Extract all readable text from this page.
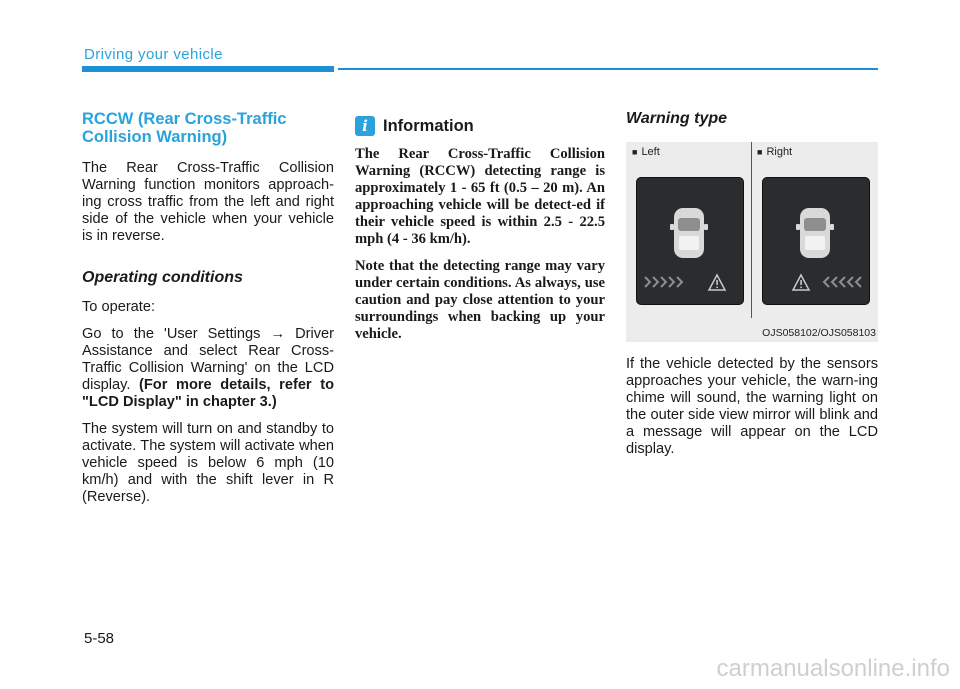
Driving your vehicle
RCCW (Rear Cross-Traffic Collision Warning)

The Rear Cross-Traffic Collision Warning function monitors approach-ing cross traffic from the left and right side of the vehicle when your vehicle is in reverse.

Operating conditions

To operate:

Go to the 'User Settings → Driver Assistance and select Rear Cross-Traffic Collision Warning' on the LCD display. (For more details, refer to "LCD Display" in chapter 3.)

The system will turn on and standby to activate. The system will activate when vehicle speed is below 6 mph (10 km/h) and with the shift lever in R (Reverse).

i Information

The Rear Cross-Traffic Collision Warning (RCCW) detecting range is approximately 1 - 65 ft (0.5 – 20 m). An approaching vehicle will be detect-ed if their vehicle speed is within 2.5 - 22.5 mph (4 - 36 km/h).

Note that the detecting range may vary under certain conditions. As always, use caution and pay close attention to your surroundings when backing up your vehicle.

Warning type
■ Left	■ Right
OJS058102/OJS058103

If the vehicle detected by the sensors approaches your vehicle, the warn-ing chime will sound, the warning light on the outer side view mirror will blink and a message will appear on the LCD display.

5-58
carmanualsonline.info
